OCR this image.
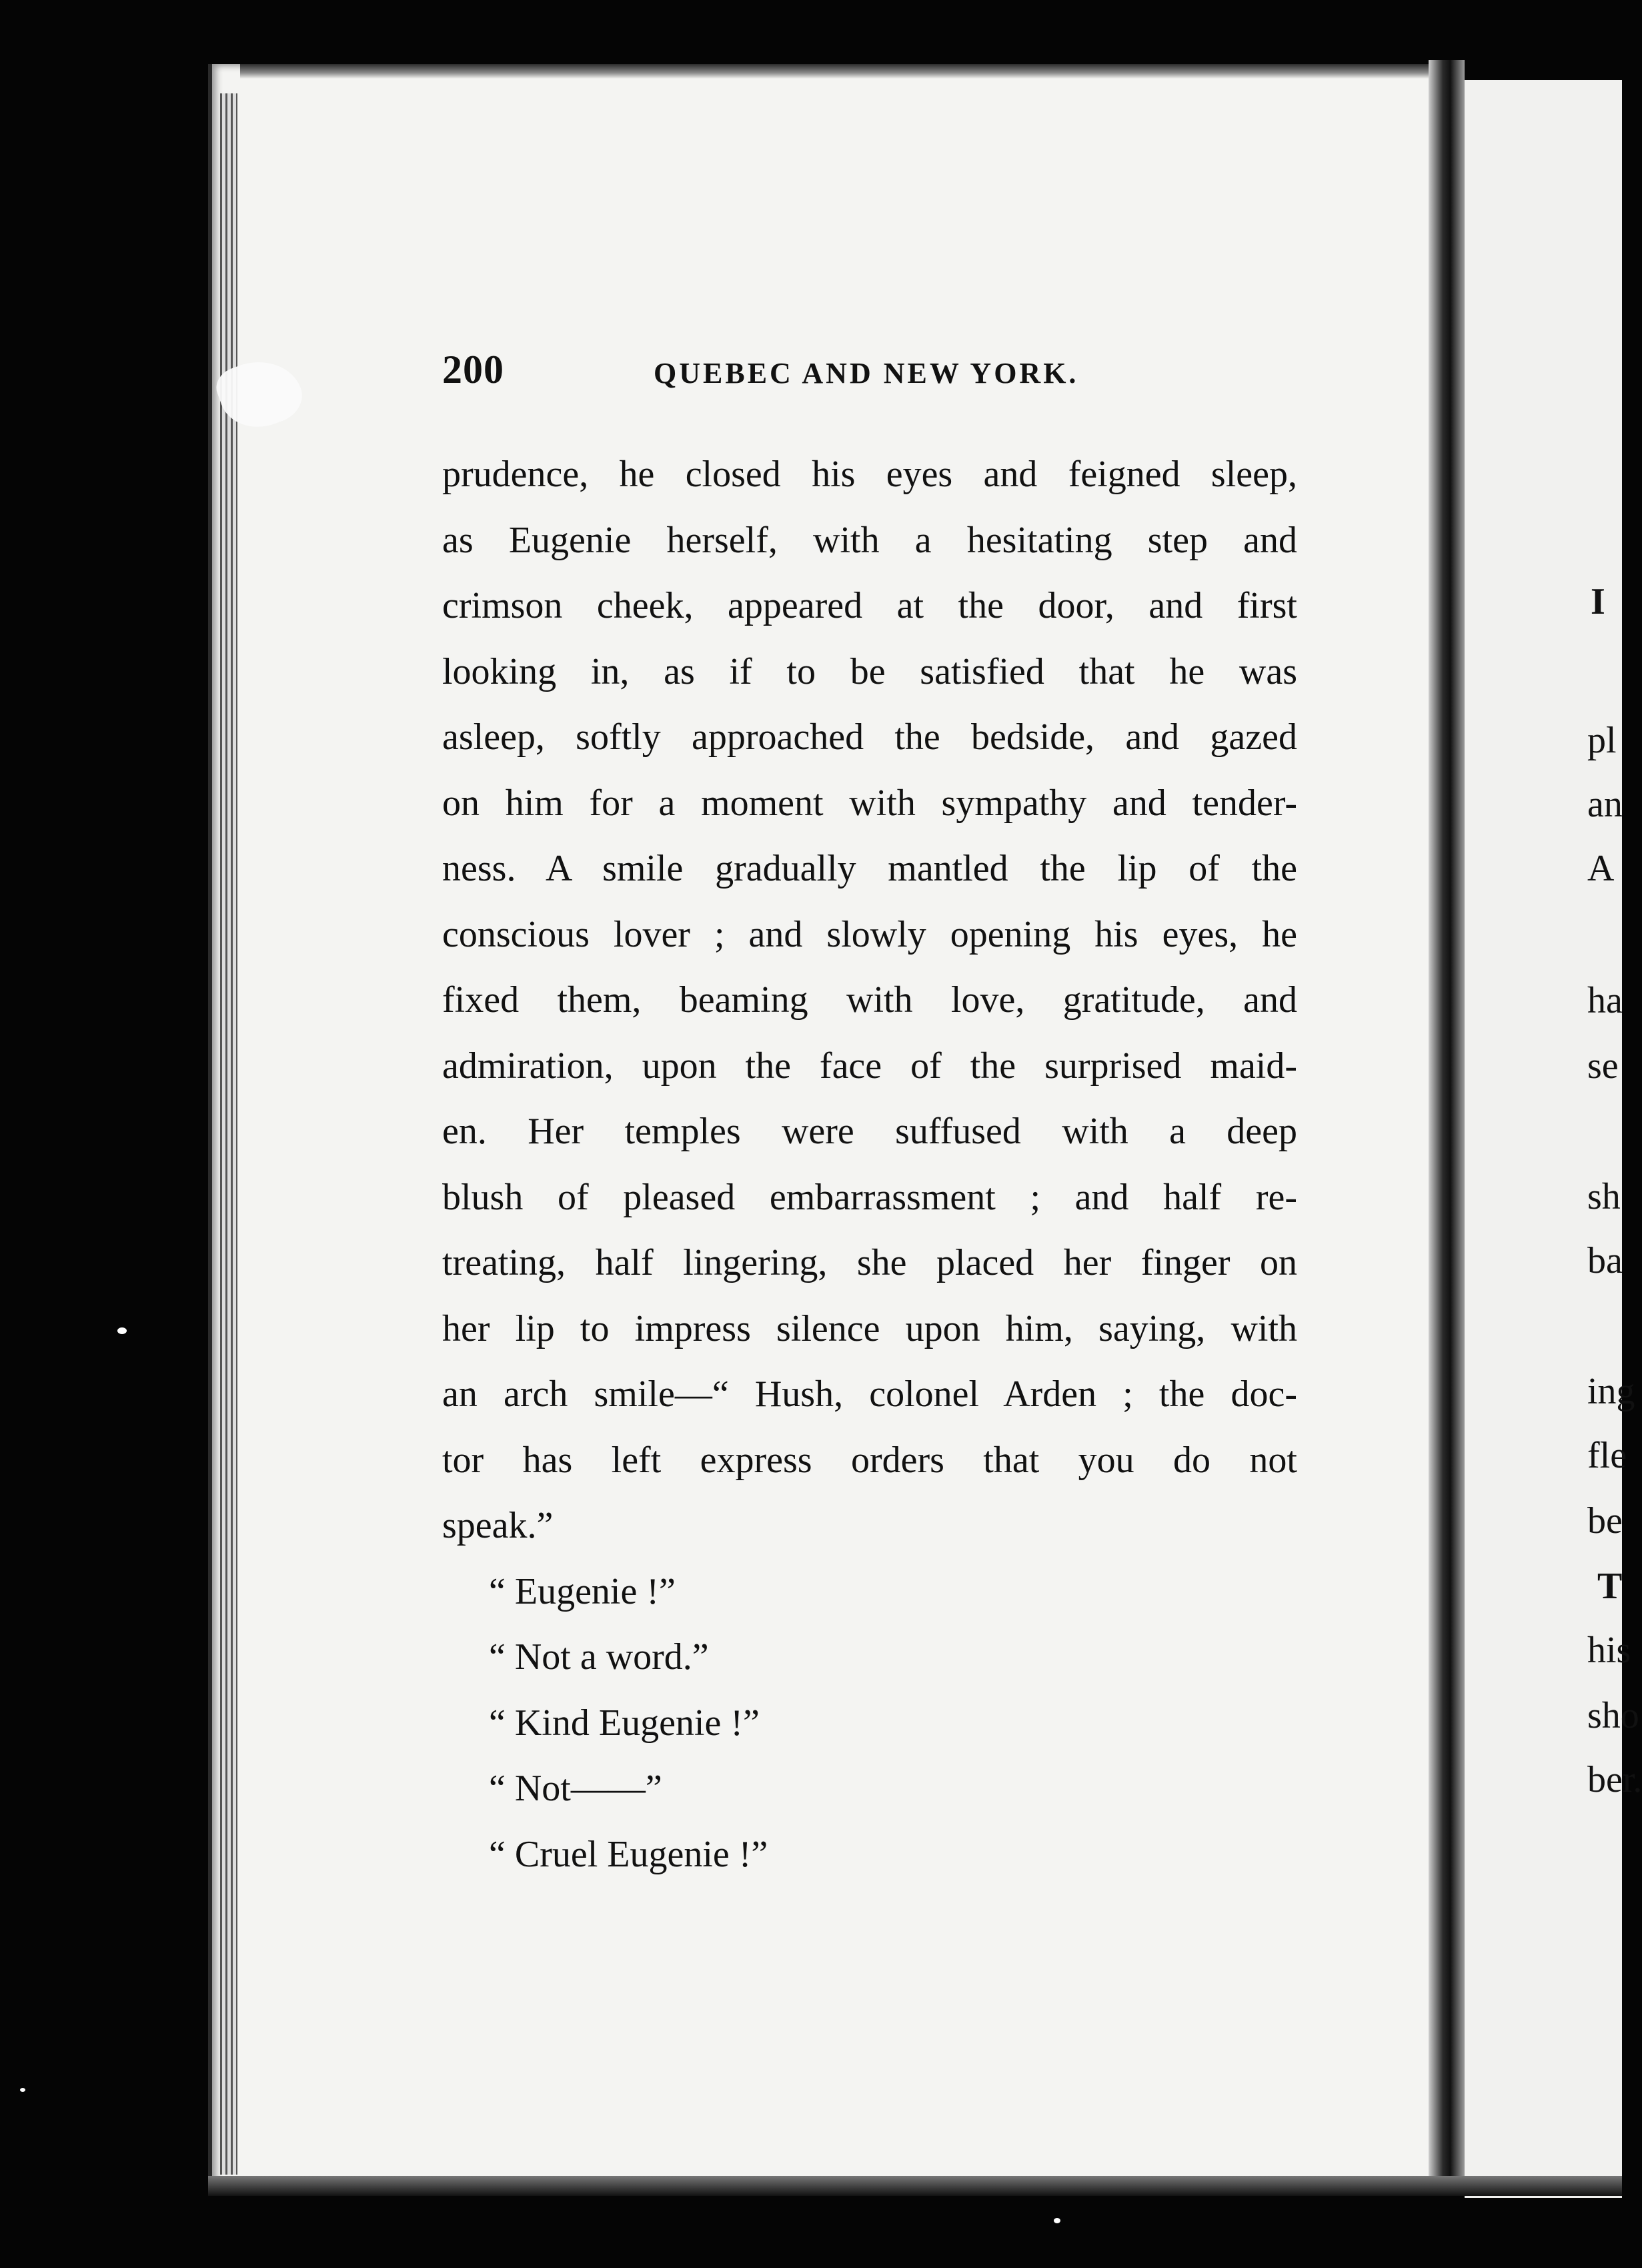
200	QUEBEC AND NEW YORK.
prudence, he closed his eyes and feigned sleep,
as Eugenie herself, with a hesitating step and
crimson cheek, appeared at the door, and first
looking in, as if to be satisfied that he was
asleep, softly approached the bedside, and gazed
on him for a moment with sympathy and tender-
ness. A smile gradually mantled the lip of the
conscious lover ; and slowly opening his eyes, he
fixed them, beaming with love, gratitude, and
admiration, upon the face of the surprised maid-
en. Her temples were suffused with a deep
blush of pleased embarrassment ; and half re-
treating, half lingering, she placed her finger on
her lip to impress silence upon him, saying, with
an arch smile—“ Hush, colonel Arden ; the doc-
tor has left express orders that you do not
speak.”
“ Eugenie !”
“ Not a word.”
“ Kind Eugenie !”
“ Not——”
“ Cruel Eugenie !”
I
pl
an
A
ha
se
sh
ba
ing
fle
be
T
his
sho
ber.
